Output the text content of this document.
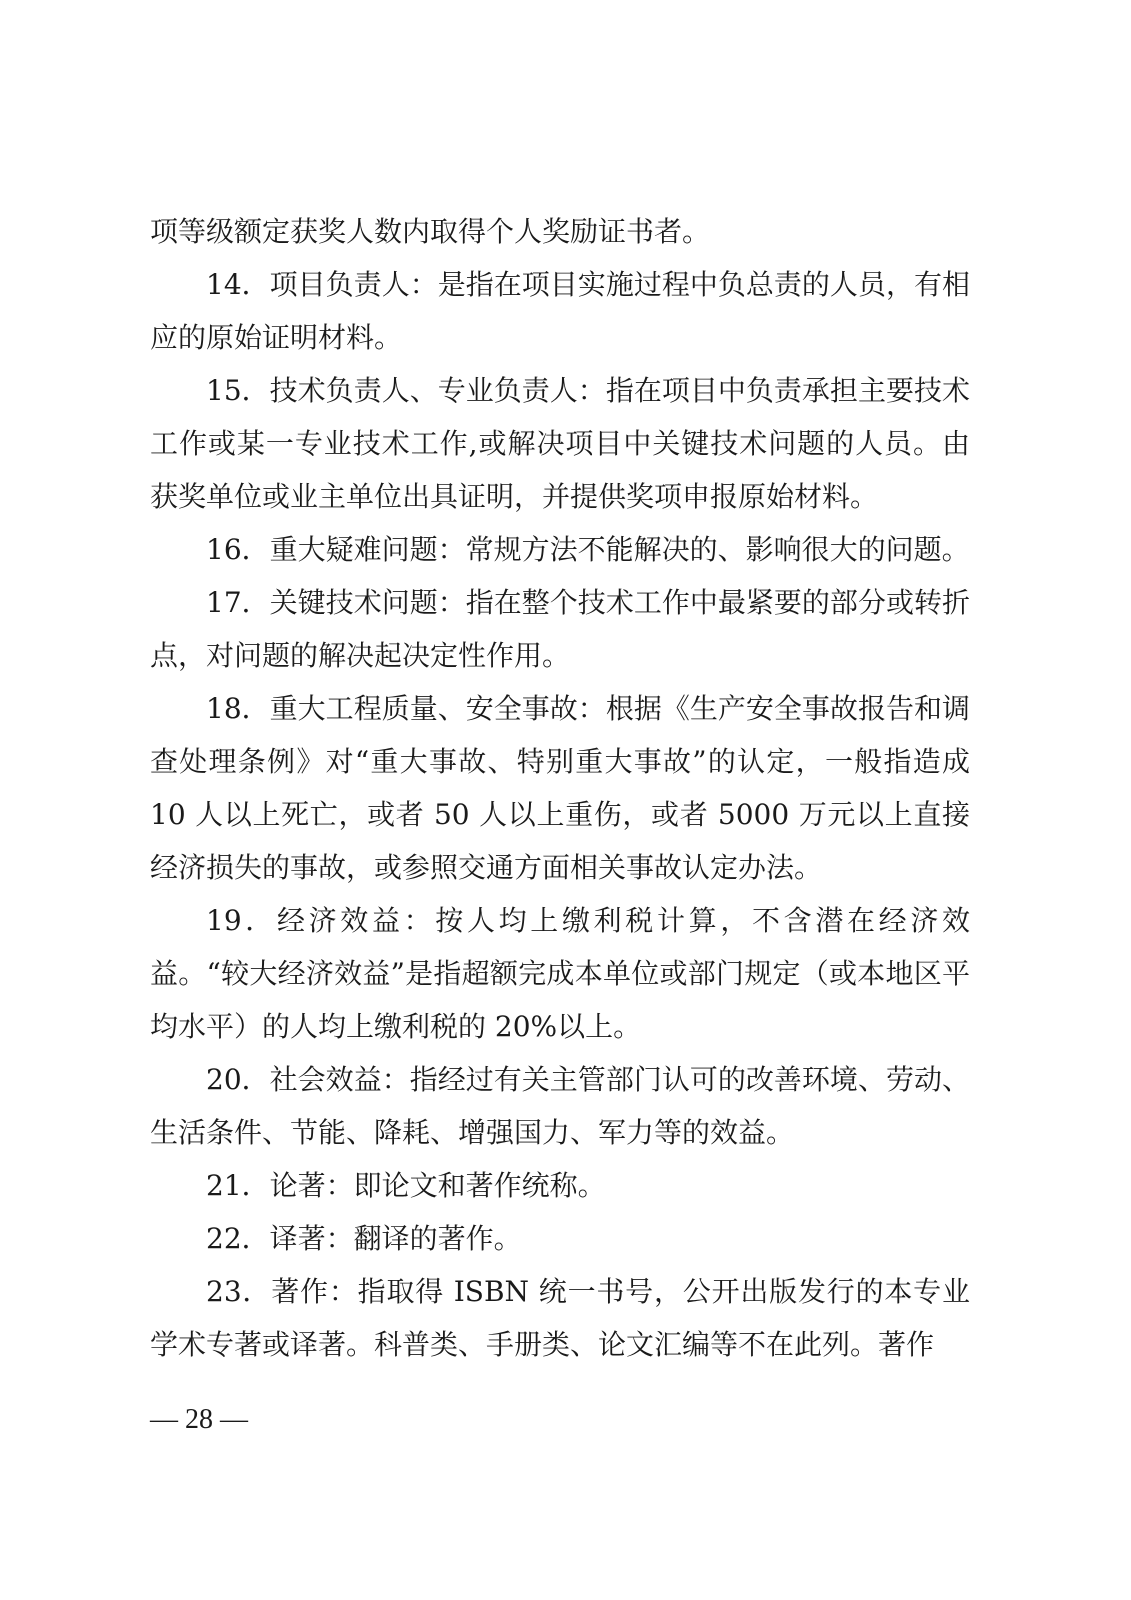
项等级额定获奖人数内取得个人奖励证书者。

14．项目负责人：是指在项目实施过程中负总责的人员，有相应的原始证明材料。

15．技术负责人、专业负责人：指在项目中负责承担主要技术工作或某一专业技术工作,或解决项目中关键技术问题的人员。由获奖单位或业主单位出具证明，并提供奖项申报原始材料。

16．重大疑难问题：常规方法不能解决的、影响很大的问题。

17．关键技术问题：指在整个技术工作中最紧要的部分或转折点，对问题的解决起决定性作用。

18．重大工程质量、安全事故：根据《生产安全事故报告和调查处理条例》对“重大事故、特别重大事故”的认定，一般指造成 10 人以上死亡，或者 50 人以上重伤，或者 5000 万元以上直接经济损失的事故，或参照交通方面相关事故认定办法。

19．经济效益：按人均上缴利税计算，不含潜在经济效益。“较大经济效益”是指超额完成本单位或部门规定（或本地区平均水平）的人均上缴利税的 20%以上。

20．社会效益：指经过有关主管部门认可的改善环境、劳动、生活条件、节能、降耗、增强国力、军力等的效益。

21．论著：即论文和著作统称。

22．译著：翻译的著作。

23．著作：指取得 ISBN 统一书号，公开出版发行的本专业学术专著或译著。科普类、手册类、论文汇编等不在此列。著作

— 28 —
